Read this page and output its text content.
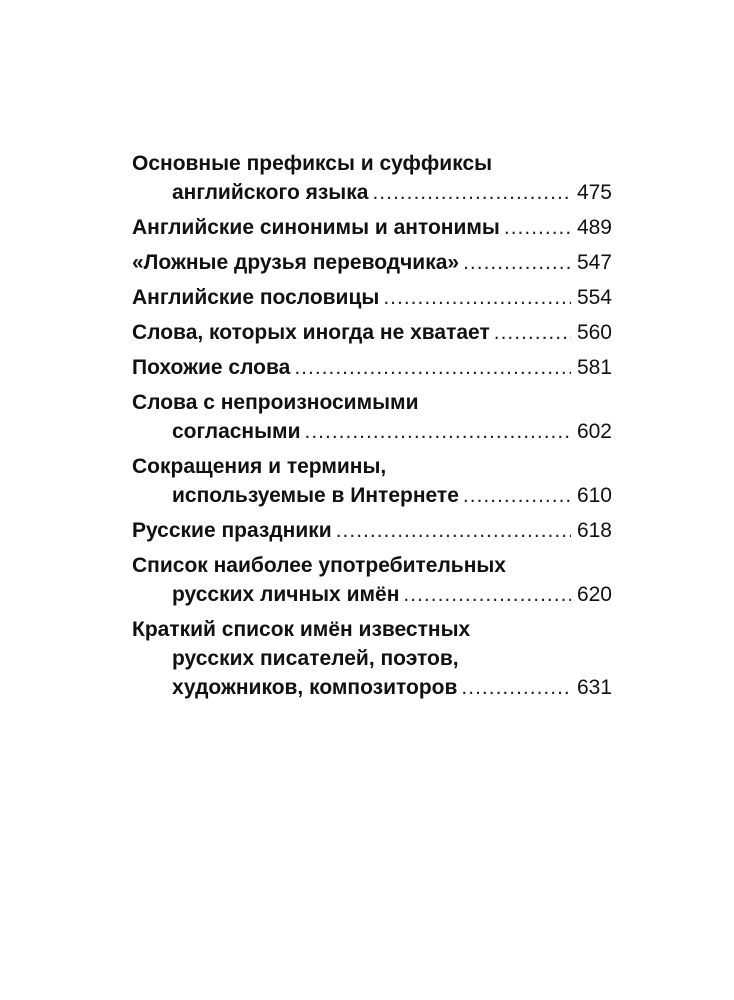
Основные префиксы и суффиксы
английского языка .....	475
Английские синонимы и антонимы .....	489
«Ложные друзья переводчика» .....	547
Английские пословицы .....	554
Слова, которых иногда не хватает .....	560
Похожие слова .....	581
Слова с непроизносимыми
согласными .....	602
Сокращения и термины,
используемые в Интернете .....	610
Русские праздники .....	618
Список наиболее употребительных
русских личных имён .....	620
Краткий список имён известных
русских писателей, поэтов,
художников, композиторов .....	631
